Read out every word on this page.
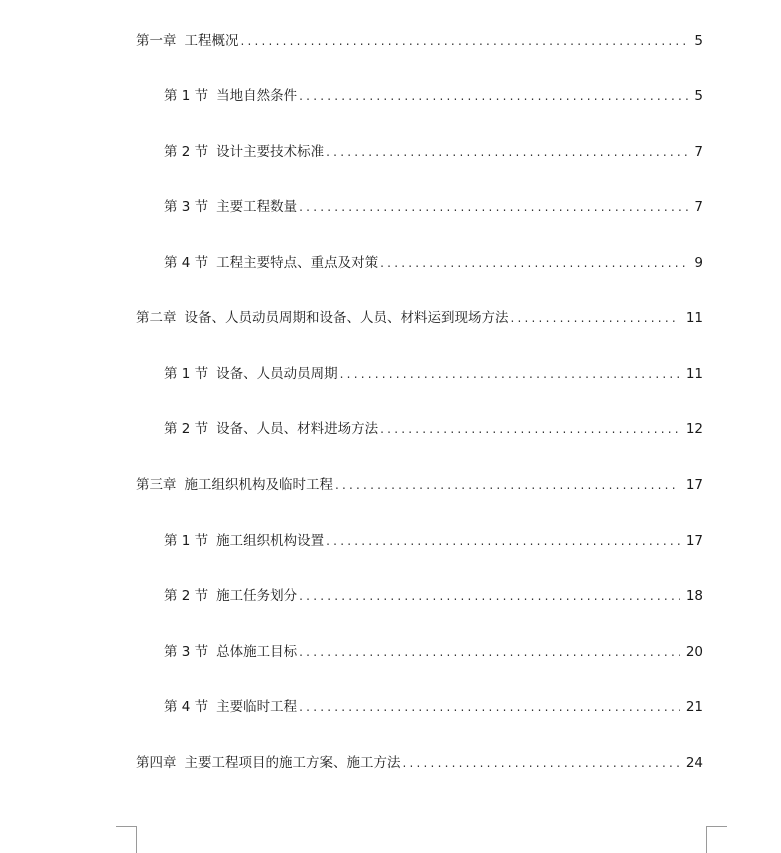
第一章 工程概况 .....	5
第 1 节 当地自然条件 .....	5
第 2 节 设计主要技术标准 .....	7
第 3 节 主要工程数量 .....	7
第 4 节 工程主要特点、重点及对策 .....	9
第二章 设备、人员动员周期和设备、人员、材料运到现场方法 .....	11
第 1 节 设备、人员动员周期 .....	11
第 2 节 设备、人员、材料进场方法 .....	12
第三章 施工组织机构及临时工程 .....	17
第 1 节 施工组织机构设置 .....	17
第 2 节 施工任务划分 .....	18
第 3 节 总体施工目标 .....	20
第 4 节 主要临时工程 .....	21
第四章 主要工程项目的施工方案、施工方法 .....	24
